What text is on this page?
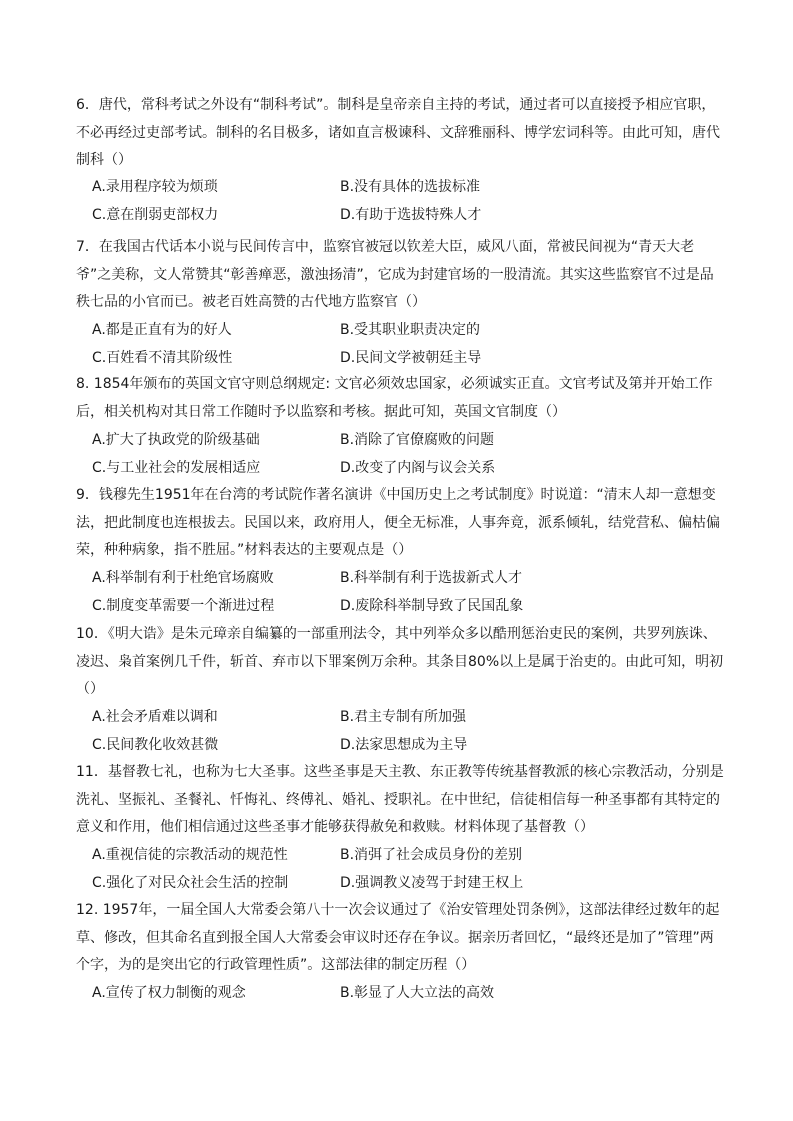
6．唐代，常科考试之外设有“制科考试”。制科是皇帝亲自主持的考试，通过者可以直接授予相应官职，不必再经过吏部考试。制科的名目极多，诸如直言极谏科、文辞雅丽科、博学宏词科等。由此可知，唐代制科（）
A.录用程序较为烦琐	B.没有具体的选拔标准
C.意在削弱吏部权力	D.有助于选拔特殊人才
7．在我国古代话本小说与民间传言中，监察官被冠以钦差大臣，威风八面，常被民间视为“青天大老爷”之美称，文人常赞其“彰善瘅恶，激浊扬清”，它成为封建官场的一股清流。其实这些监察官不过是品秩七品的小官而已。被老百姓高赞的古代地方监察官（）
A.都是正直有为的好人	B.受其职业职责决定的
C.百姓看不清其阶级性	D.民间文学被朝廷主导
8. 1854年颁布的英国文官守则总纲规定: 文官必须效忠国家，必须诚实正直。文官考试及第并开始工作后，相关机构对其日常工作随时予以监察和考核。据此可知，英国文官制度（）
A.扩大了执政党的阶级基础	B.消除了官僚腐败的问题
C.与工业社会的发展相适应	D.改变了内阁与议会关系
9．钱穆先生1951年在台湾的考试院作著名演讲《中国历史上之考试制度》时说道：“清末人却一意想变法，把此制度也连根拔去。民国以来，政府用人，便全无标准，人事奔竟，派系倾轧，结党营私、偏枯偏荣，种种病象，指不胜屈。”材料表达的主要观点是（）
A.科举制有利于杜绝官场腐败	B.科举制有利于选拔新式人才
C.制度变革需要一个渐进过程	D.废除科举制导致了民国乱象
10．《明大诰》是朱元璋亲自编纂的一部重刑法令，其中列举众多以酷刑惩治吏民的案例，共罗列族诛、凌迟、枭首案例几千件，斩首、弃市以下罪案例万余种。其条目80%以上是属于治吏的。由此可知，明初（）
A.社会矛盾难以调和	B.君主专制有所加强
C.民间教化收效甚微	D.法家思想成为主导
11．基督教七礼，也称为七大圣事。这些圣事是天主教、东正教等传统基督教派的核心宗教活动，分别是洗礼、坚振礼、圣餐礼、忏悔礼、终傅礼、婚礼、授职礼。在中世纪，信徒相信每一种圣事都有其特定的意义和作用，他们相信通过这些圣事才能够获得赦免和救赎。材料体现了基督教（）
A.重视信徒的宗教活动的规范性	B.消弭了社会成员身份的差别
C.强化了对民众社会生活的控制	D.强调教义凌驾于封建王权上
12. 1957年，一届全国人大常委会第八十一次会议通过了《治安管理处罚条例》，这部法律经过数年的起草、修改，但其命名直到报全国人大常委会审议时还存在争议。据亲历者回忆，“最终还是加了”管理”两个字，为的是突出它的行政管理性质”。这部法律的制定历程（）
A.宣传了权力制衡的观念	B.彰显了人大立法的高效
